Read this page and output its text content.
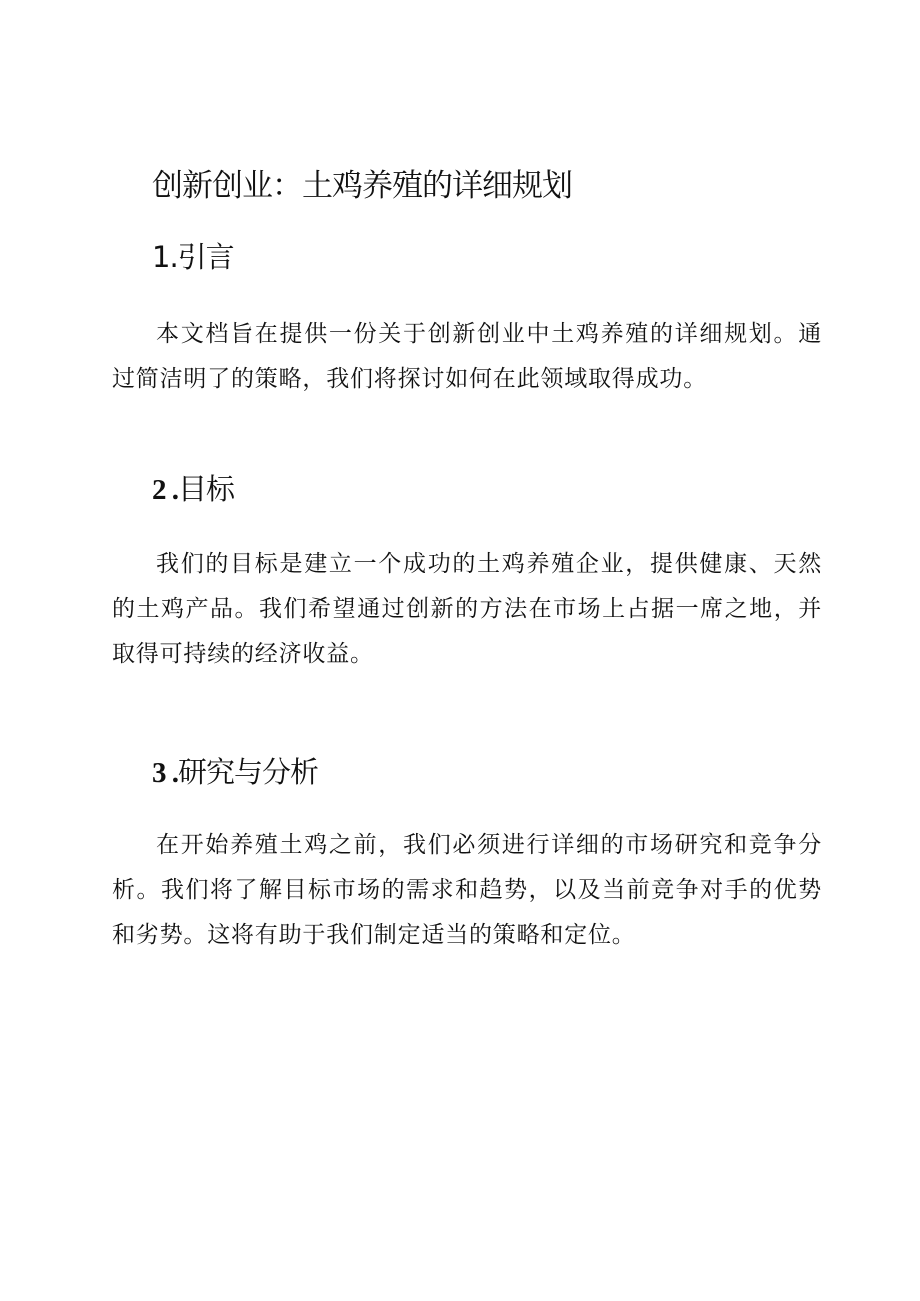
创新创业：土鸡养殖的详细规划
1.引言

本文档旨在提供一份关于创新创业中土鸡养殖的详细规划。通过简洁明了的策略，我们将探讨如何在此领域取得成功。

2 .目标

我们的目标是建立一个成功的土鸡养殖企业，提供健康、天然的土鸡产品。我们希望通过创新的方法在市场上占据一席之地，并取得可持续的经济收益。

3 .研究与分析

在开始养殖土鸡之前，我们必须进行详细的市场研究和竞争分析。我们将了解目标市场的需求和趋势，以及当前竞争对手的优势和劣势。这将有助于我们制定适当的策略和定位。
